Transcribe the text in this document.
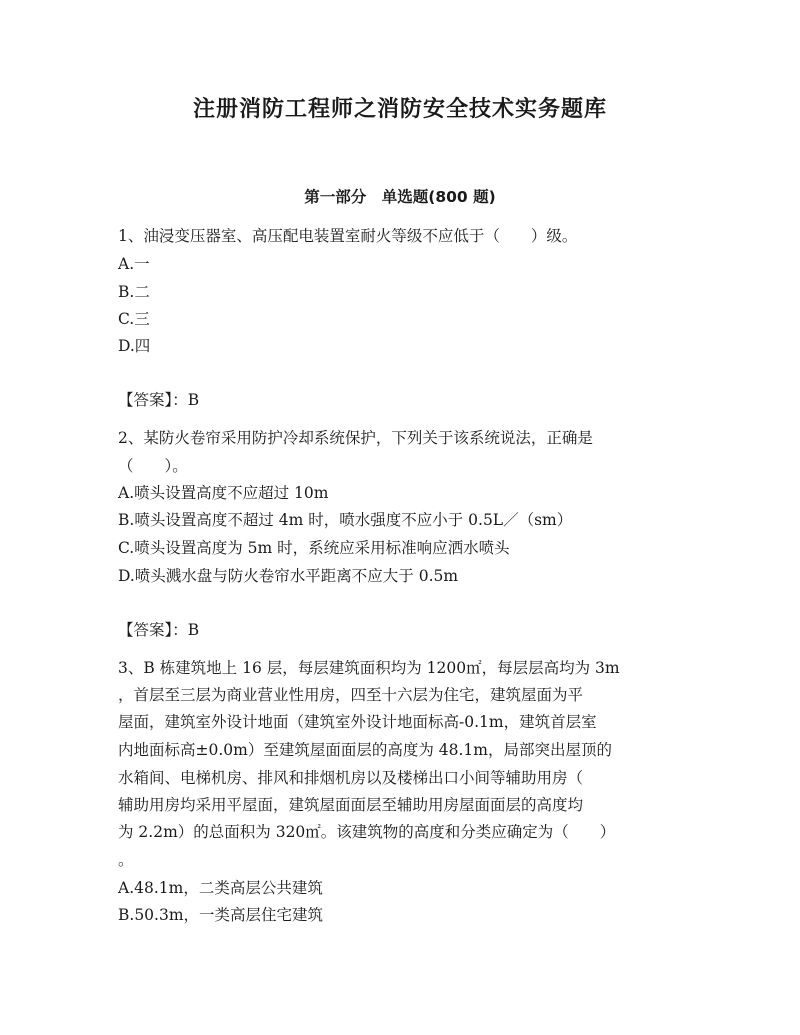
注册消防工程师之消防安全技术实务题库
第一部分　单选题(800 题)
1、油浸变压器室、高压配电装置室耐火等级不应低于（　　）级。
A.一
B.二
C.三
D.四
【答案】：B
2、某防火卷帘采用防护冷却系统保护，下列关于该系统说法，正确是
（　　）。
A.喷头设置高度不应超过 10m
B.喷头设置高度不超过 4m 时，喷水强度不应小于 0.5L／（sm）
C.喷头设置高度为 5m 时，系统应采用标准响应洒水喷头
D.喷头溅水盘与防火卷帘水平距离不应大于 0.5m
【答案】：B
3、B 栋建筑地上 16 层，每层建筑面积均为 1200㎡，每层层高均为 3m
，首层至三层为商业营业性用房，四至十六层为住宅，建筑屋面为平
屋面，建筑室外设计地面（建筑室外设计地面标高-0.1m，建筑首层室
内地面标高±0.0m）至建筑屋面面层的高度为 48.1m，局部突出屋顶的
水箱间、电梯机房、排风和排烟机房以及楼梯出口小间等辅助用房（
辅助用房均采用平屋面，建筑屋面面层至辅助用房屋面面层的高度均
为 2.2m）的总面积为 320㎡。该建筑物的高度和分类应确定为（　　）
。
A.48.1m，二类高层公共建筑
B.50.3m，一类高层住宅建筑
